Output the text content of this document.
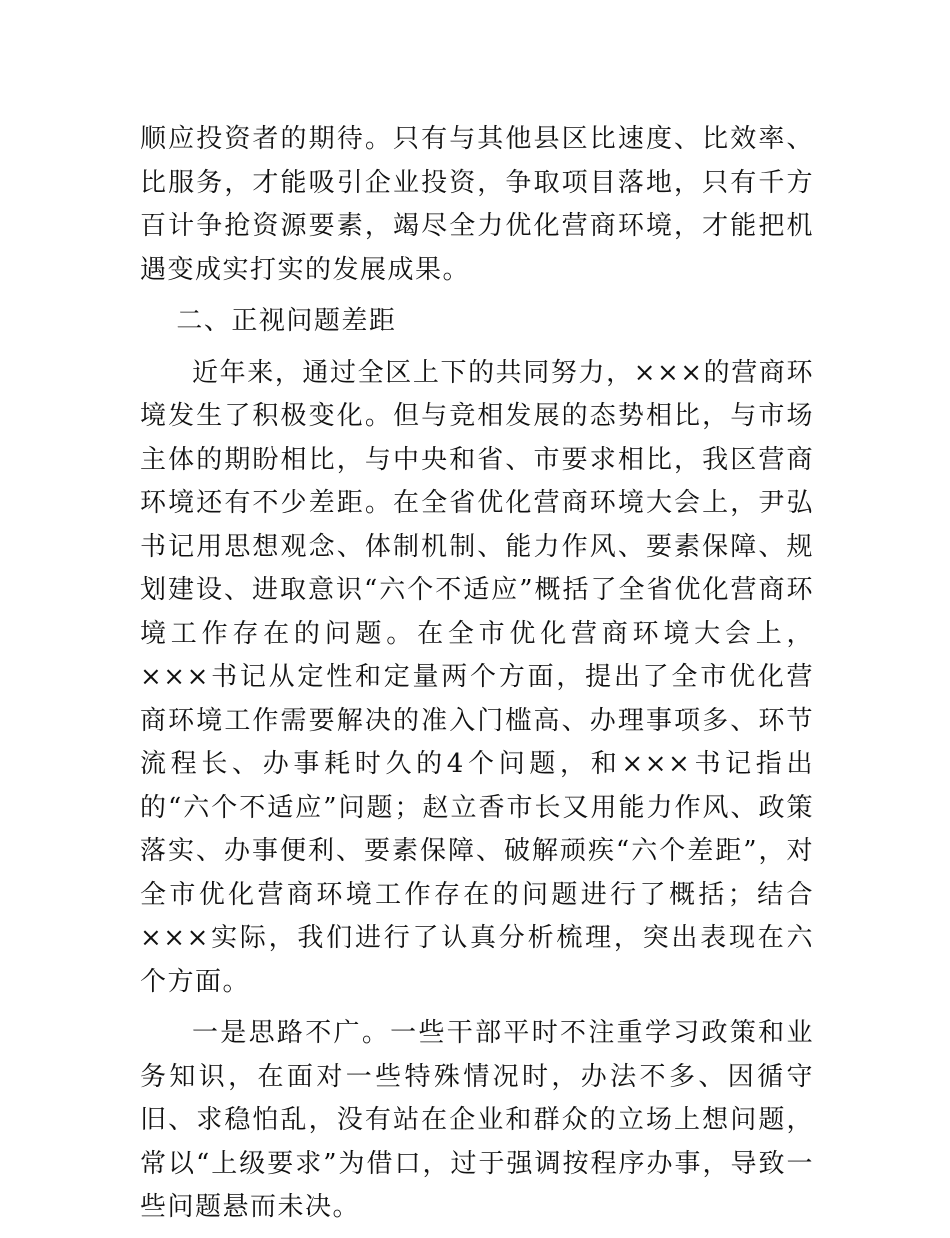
顺应投资者的期待。只有与其他县区比速度、比效率、比服务，才能吸引企业投资，争取项目落地，只有千方百计争抢资源要素，竭尽全力优化营商环境，才能把机遇变成实打实的发展成果。

二、正视问题差距

近年来，通过全区上下的共同努力，×××的营商环境发生了积极变化。但与竞相发展的态势相比，与市场主体的期盼相比，与中央和省、市要求相比，我区营商环境还有不少差距。在全省优化营商环境大会上，尹弘书记用思想观念、体制机制、能力作风、要素保障、规划建设、进取意识“六个不适应”概括了全省优化营商环境工作存在的问题。在全市优化营商环境大会上，×××书记从定性和定量两个方面，提出了全市优化营商环境工作需要解决的准入门槛高、办理事项多、环节流程长、办事耗时久的4个问题，和×××书记指出的“六个不适应”问题；赵立香市长又用能力作风、政策落实、办事便利、要素保障、破解顽疾“六个差距”，对全市优化营商环境工作存在的问题进行了概括；结合×××实际，我们进行了认真分析梳理，突出表现在六个方面。

一是思路不广。一些干部平时不注重学习政策和业务知识，在面对一些特殊情况时，办法不多、因循守旧、求稳怕乱，没有站在企业和群众的立场上想问题，常以“上级要求”为借口，过于强调按程序办事，导致一些问题悬而未决。
